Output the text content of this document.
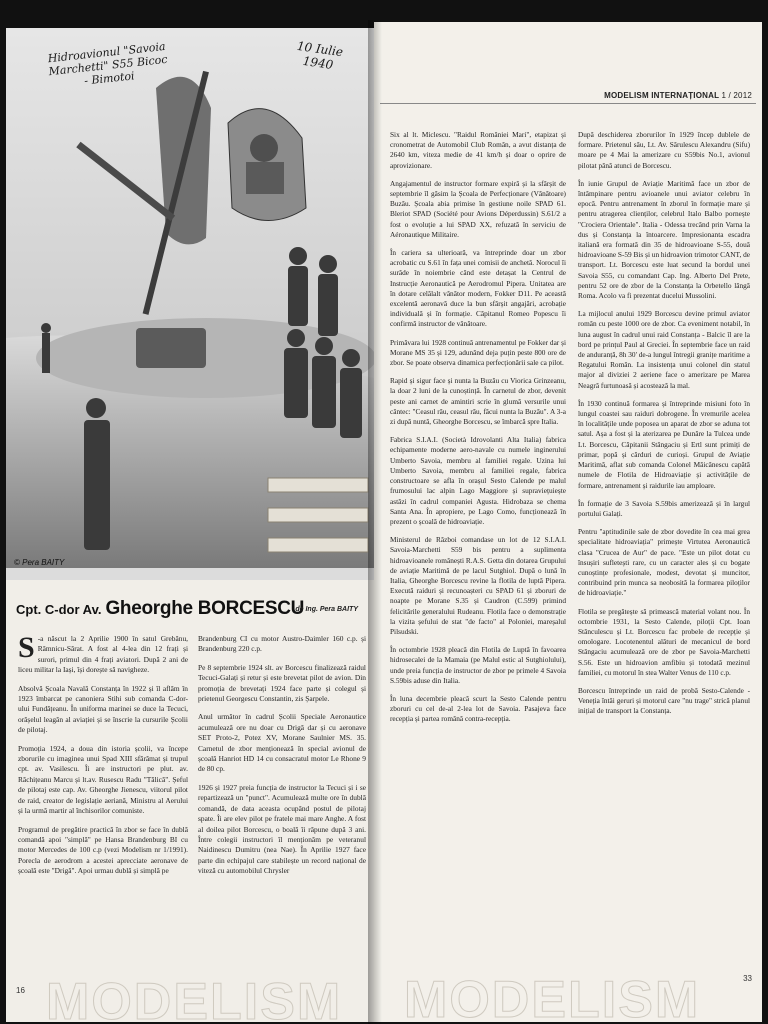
Hidroavionul "Savoia Marchetti" S55 Bicoc - Bimotoi
10 Iulie 1940
© Pera BAITY
Cpt. C-dor Av. Gheorghe BORCESCU
de Ing. Pera BAITY

S -a născut la 2 Aprilie 1900 în satul Grebănu, Râmnicu-Sărat. A fost al 4-lea din 12 frați și surori, primul din 4 frați aviatori. După 2 ani de liceu militar la Iași, își dorește să navigheze.

Absolvă Școala Navală Constanța în 1922 și îl aflăm în 1923 îmbarcat pe canoniera Stihi sub comanda C-dor-ului Fundățeanu. În uniforma marinei se duce la Tecuci, orășelul leagăn al aviației și se înscrie la cursurile Școlii de pilotaj.

Promoția 1924, a doua din istoria școlii, va începe zborurile cu imaginea unui Spad XIII sfărâmat și trupul cpt. av. Vasilescu. Îi are instructori pe plut. av. Răchițeanu Marcu și lt.av. Rusescu Radu "Tălică". Șeful de pilotaj este cap. Av. Gheorghe Jienescu, viitorul pilot de raid, creator de legislație aeriană, Ministru al Aerului și la urmă martir al închisorilor comuniste.

Programul de pregătire practică în zbor se face în dublă comandă apoi "simplă" pe Hansa Brandenburg BI cu motor Mercedes de 100 c.p (vezi Modelism nr 1/1991). Porecla de aerodrom a acestei aprecciate aeronave de școală este "Drigă". Apoi urmau dublă și simplă pe

Brandenburg CI cu motor Austro-Daimler 160 c.p. și Brandenburg 220 c.p.

Pe 8 septembrie 1924 slt. av Borcescu finalizează raidul Tecuci-Galați și retur și este brevetat pilot de avion. Din promoția de brevetați 1924 face parte și colegul și prietenul Georgescu Constantin, zis Șarpele.

Anul următor în cadrul Școlii Speciale Aeronautice acumulează ore nu doar cu Drigă dar și cu aeronave SET Proto-2, Potez XV, Morane Saulnier MS. 35. Carnetul de zbor menționează în special avionul de școală Hanriot HD 14 cu consacratul motor Le Rhone 9 de 80 cp.

1926 și 1927 preia funcția de instructor la Tecuci și i se repartizează un "punct". Acumulează multe ore în dublă comandă, de data aceasta ocupând postul de pilotaj spate. Îi are elev pilot pe fratele mai mare Anghe. A fost al doilea pilot Borcescu, o boală îi răpune după 3 ani. Între colegii instructori îl menționăm pe veteranul Naidinescu Dumitru (nea Nae). În Aprilie 1927 face parte din echipajul care stabilește un record național de viteză cu automobilul Chrysler

MODELISM
16
MODELISM INTERNAȚIONAL 1 / 2012

Six al lt. Miclescu. "Raidul României Mari", etapizat și cronometrat de Automobil Club Român, a avut distanța de 2640 km, viteza medie de 41 km/h și doar o oprire de aprovizionare.

Angajamentul de instructor formare expiră și la sfârșit de septembrie îl găsim la Școala de Perfecționare (Vânătoare) Buzău. Școala abia primise în gestiune noile SPAD 61. Bleriot SPAD (Société pour Avions Déperdussin) S.61/2 a fost o evoluție a lui SPAD XX, refuzată în serviciu de Aéronautique Militaire.

În cariera sa ulterioară, va întreprinde doar un zbor acrobatic cu S.61 în fața unei comisii de anchetă. Norocul îi surâde în noiembrie când este detașat la Centrul de Instrucție Aeronautică pe Aerodromul Pipera. Unitatea are în dotare celălalt vânător modern, Fokker D11. Pe această excelentă aeronavă duce la bun sfârșit angajări, acrobație individuală și în formație. Căpitanul Romeo Popescu îi confirmă instructor de vânătoare.

Primăvara lui 1928 continuă antrenamentul pe Fokker dar și Morane MS 35 și 129, adunând deja puțin peste 800 ore de zbor. Se poate observa dinamica perfecționării sale ca pilot.

Rapid și sigur face și nunta la Buzău cu Viorica Grinzeanu, la doar 2 luni de la cunoștință. În carnetul de zbor, devenit peste ani carnet de amintiri scrie în glumă versurile unui cântec: "Ceasul rău, ceasul rău, făcui nunta la Buzău". A 3-a zi după nuntă, Gheorghe Borcescu, se îmbarcă spre Italia.

Fabrica S.I.A.I. (Società Idrovolanti Alta Italia) fabrica echipamente moderne aero-navale cu numele inginerului Umberto Savoia, membru al familiei regale. Uzina lui Umberto Savoia, membru al familiei regale, fabrica constructoare se afla în orașul Sesto Calende pe malul frumosului lac alpin Lago Maggiore și supraviețuiește astăzi în cadrul companiei Agusta. Hidrobaza se chema Santa Ana. În apropiere, pe Lago Como, funcționează în prezent o școală de hidroaviație.

Ministerul de Război comandase un lot de 12 S.I.A.I. Savoia-Marchetti S59 bis pentru a suplimenta hidroavioanele românești R.A.S. Getta din dotarea Grupului de aviație Maritimă de pe lacul Sutghiol. După o lună în Italia, Gheorghe Borcescu revine la flotila de luptă Pipera. Execută raiduri și recunoașteri cu SPAD 61 și zboruri de noapte pe Morane S.35 și Caudron (C.599) primind felicitările generalului Rudeanu. Flotila face o demonstrație la vizita șefului de stat "de facto" al Poloniei, mareșalul Pilsudski.

În octombrie 1928 pleacă din Flotila de Luptă în favoarea hidrosecalei de la Mamaia (pe Malul estic al Sutghiolului), unde preia funcția de instructor de zbor pe primele 4 Savoia S.59bis aduse din Italia.

În luna decembrie pleacă scurt la Sesto Calende pentru zboruri cu cel de-al 2-lea lot de Savoia. Pasajeva face recepția și partea română contra-recepția.

După deschiderea zborurilor în 1929 încep dublele de formare. Prietenul său, Lt. Av. Sârulescu Alexandru (Sifu) moare pe 4 Mai la amerizare cu S59bis No.1, avionul pilotat până atunci de Borcescu.

În iunie Grupul de Aviație Maritimă face un zbor de întâmpinare pentru avioanele unui aviator celebru în epocă. Pentru antrenament în zborul în formație mare și pentru atragerea clienților, celebrul Italo Balbo pornește "Crociera Orientale". Italia - Odessa trecând prin Varna la dus și Constanța la întoarcere. Impresionanta escadra italiană era formată din 35 de hidroavioane S-55, două hidroavioane S-59 Bis și un hidroavion trimotor CANT, de transport. Lt. Borcescu este luat secund la bordul unei Savoia S55, cu comandant Cap. Ing. Alberto Del Prete, pentru 52 ore de zbor de la Constanța la Orbetello lângă Roma. Acolo va fi prezentat ducelui Mussolini.

La mijlocul anului 1929 Borcescu devine primul aviator român cu peste 1000 ore de zbor. Ca eveniment notabil, în luna august în cadrul unui raid Constanța - Balcic îl are la bord pe prințul Paul al Greciei. În septembrie face un raid de anduranță, 8h 30' de-a lungul întregii granițe maritime a Regatului Român. La insistența unui colonel din statul major al diviziei 2 aeriene face o amerizare pe Marea Neagră furtunoasă și acostează la mal.

În 1930 continuă formarea și întreprinde misiuni foto în lungul coastei sau raiduri dobrogene. În vremurile acelea în localitățile unde poposea un aparat de zbor se aduna tot satul. Așa a fost și la aterizarea pe Dunăre la Tulcea unde Lt. Borcescu, Căpitanii Stângaciu și Ertl sunt primiți de primar, popă și cărduri de curioși. Grupul de Aviație Maritimă, aflat sub comanda Colonel Măicănescu capătă numele de Flotila de Hidroaviație și activitățile de formare, antrenament și raidurile iau amploare.

În formație de 3 Savoia S.59bis amerizează și în largul portului Galați.

Pentru "aptitudinile sale de zbor dovedite în cea mai grea specialitate hidroaviația" primește Virtutea Aeronautică clasa "Crucea de Aur" de pace. "Este un pilot dotat cu însușiri sufletești rare, cu un caracter ales și cu bogate cunoștințe profesionale, modest, devotat și muncitor, contribuind prin munca sa neobosită la formarea piloților de hidroaviație."

Flotila se pregătește să primească material volant nou. În octombrie 1931, la Sesto Calende, piloții Cpt. Ioan Stănculescu și Lt. Borcescu fac probele de recepție și omologare. Locotenentul alături de mecanicul de bord Stângaciu acumulează ore de zbor pe Savoia-Marchetti S.56. Este un hidroavion amfibiu și totodată mezinul familiei, cu motorul în stea Walter Venus de 110 c.p.

Borcescu întreprinde un raid de probă Sesto-Calende - Veneția întâi geruri și motorul care "nu trage" strică planul inițial de transport la Constanța.

MODELISM	33
